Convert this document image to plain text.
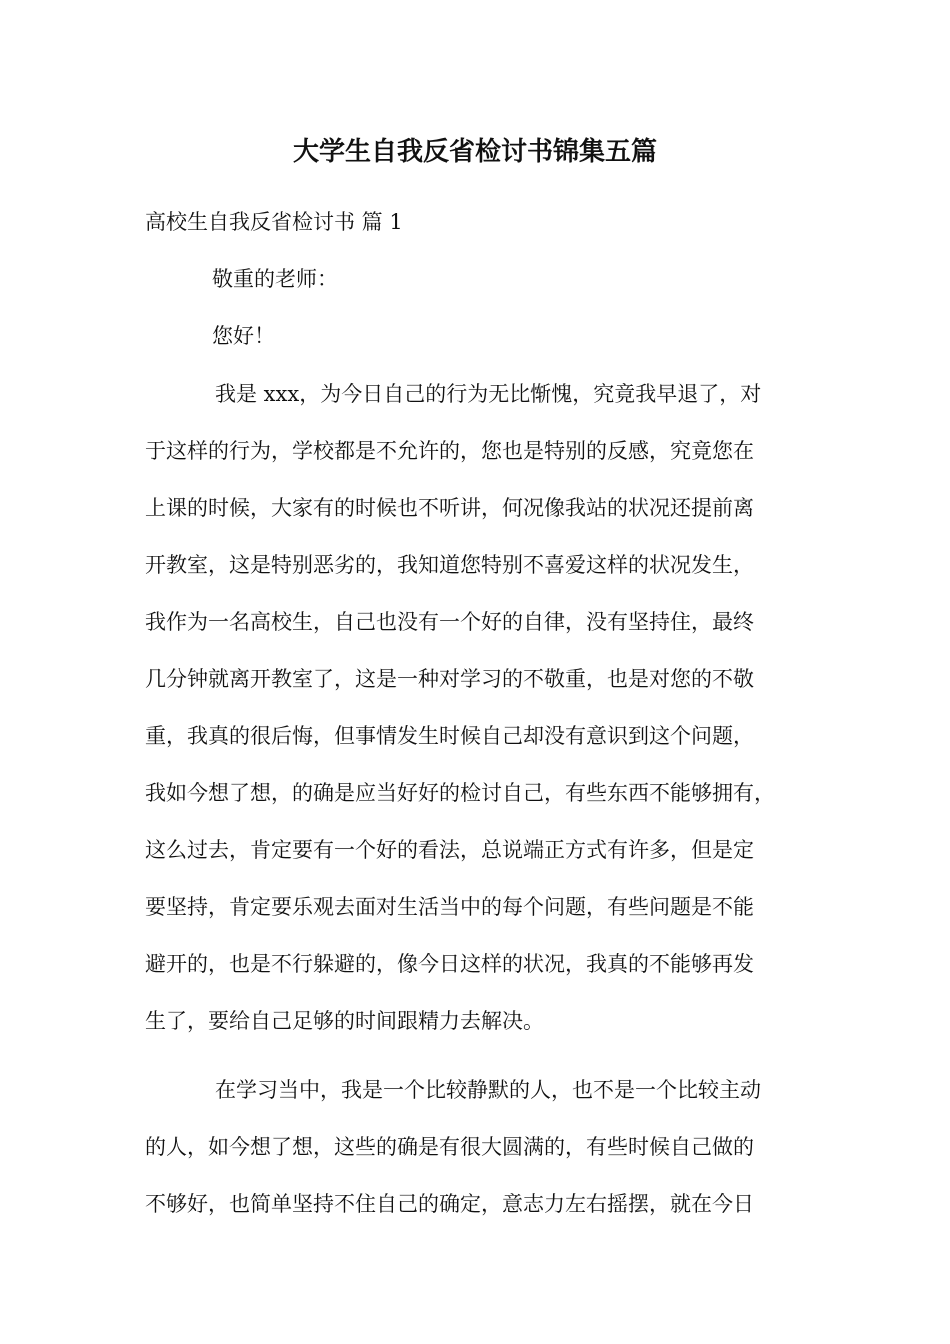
大学生自我反省检讨书锦集五篇
高校生自我反省检讨书 篇 1
敬重的老师：
您好！
我是 xxx，为今日自己的行为无比惭愧，究竟我早退了，对
于这样的行为，学校都是不允许的，您也是特别的反感，究竟您在
上课的时候，大家有的时候也不听讲，何况像我站的状况还提前离
开教室，这是特别恶劣的，我知道您特别不喜爱这样的状况发生，
我作为一名高校生，自己也没有一个好的自律，没有坚持住，最终
几分钟就离开教室了，这是一种对学习的不敬重，也是对您的不敬
重，我真的很后悔，但事情发生时候自己却没有意识到这个问题，
我如今想了想，的确是应当好好的检讨自己，有些东西不能够拥有，
这么过去，肯定要有一个好的看法，总说端正方式有许多，但是定
要坚持，肯定要乐观去面对生活当中的每个问题，有些问题是不能
避开的，也是不行躲避的，像今日这样的状况，我真的不能够再发
生了，要给自己足够的时间跟精力去解决。
在学习当中，我是一个比较静默的人，也不是一个比较主动
的人，如今想了想，这些的确是有很大圆满的，有些时候自己做的
不够好，也简单坚持不住自己的确定，意志力左右摇摆，就在今日
